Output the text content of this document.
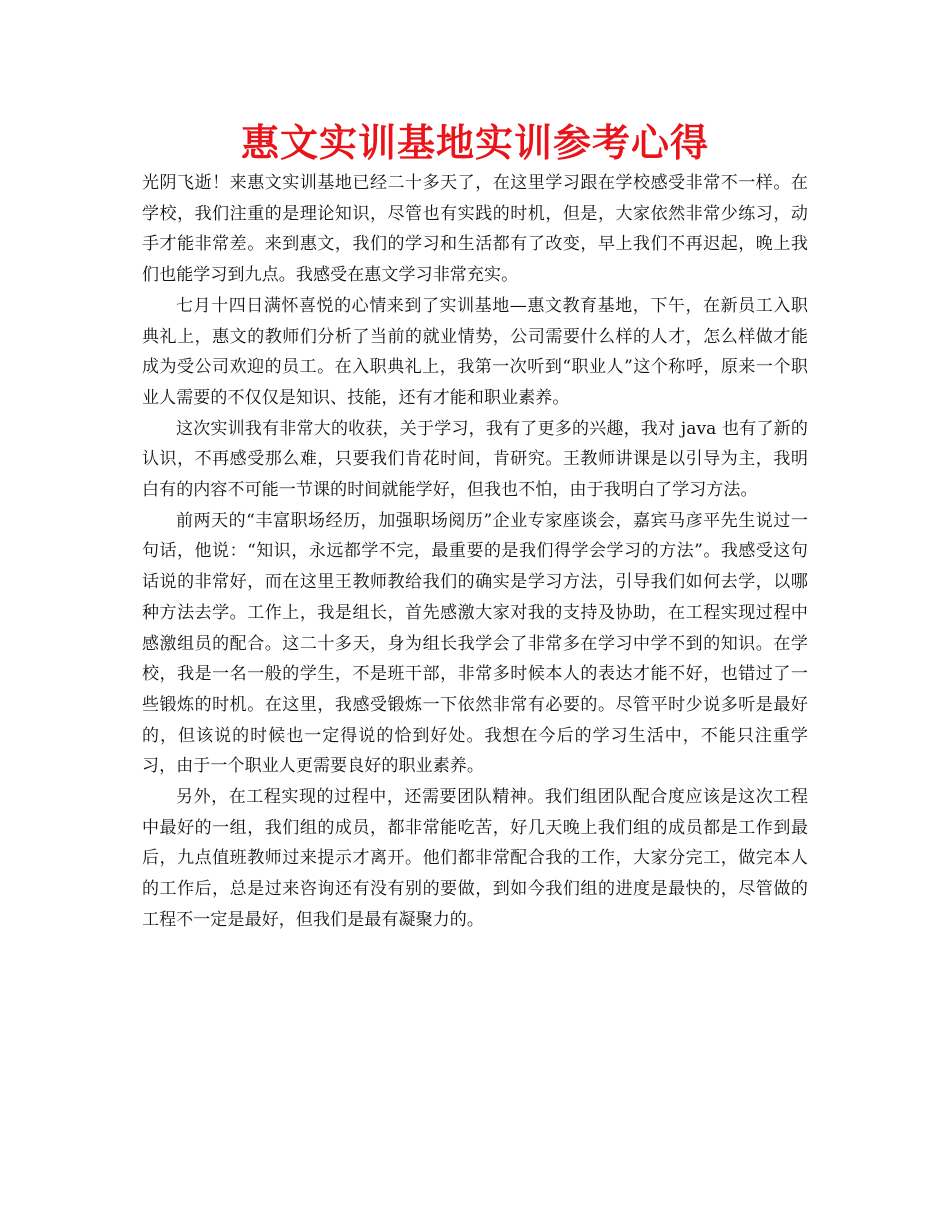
惠文实训基地实训参考心得

光阴飞逝！来惠文实训基地已经二十多天了，在这里学习跟在学校感受非常不一样。在学校，我们注重的是理论知识，尽管也有实践的时机，但是，大家依然非常少练习，动手才能非常差。来到惠文，我们的学习和生活都有了改变，早上我们不再迟起，晚上我们也能学习到九点。我感受在惠文学习非常充实。

七月十四日满怀喜悦的心情来到了实训基地—惠文教育基地，下午，在新员工入职典礼上，惠文的教师们分析了当前的就业情势，公司需要什么样的人才，怎么样做才能成为受公司欢迎的员工。在入职典礼上，我第一次听到“职业人”这个称呼，原来一个职业人需要的不仅仅是知识、技能，还有才能和职业素养。

这次实训我有非常大的收获，关于学习，我有了更多的兴趣，我对 java 也有了新的认识，不再感受那么难，只要我们肯花时间，肯研究。王教师讲课是以引导为主，我明白有的内容不可能一节课的时间就能学好，但我也不怕，由于我明白了学习方法。

前两天的“丰富职场经历，加强职场阅历”企业专家座谈会，嘉宾马彦平先生说过一句话，他说：“知识，永远都学不完，最重要的是我们得学会学习的方法”。我感受这句话说的非常好，而在这里王教师教给我们的确实是学习方法，引导我们如何去学，以哪种方法去学。工作上，我是组长，首先感激大家对我的支持及协助，在工程实现过程中感激组员的配合。这二十多天，身为组长我学会了非常多在学习中学不到的知识。在学校，我是一名一般的学生，不是班干部，非常多时候本人的表达才能不好，也错过了一些锻炼的时机。在这里，我感受锻炼一下依然非常有必要的。尽管平时少说多听是最好的，但该说的时候也一定得说的恰到好处。我想在今后的学习生活中，不能只注重学习，由于一个职业人更需要良好的职业素养。

另外，在工程实现的过程中，还需要团队精神。我们组团队配合度应该是这次工程中最好的一组，我们组的成员，都非常能吃苦，好几天晚上我们组的成员都是工作到最后，九点值班教师过来提示才离开。他们都非常配合我的工作，大家分完工，做完本人的工作后，总是过来咨询还有没有别的要做，到如今我们组的进度是最快的，尽管做的工程不一定是最好，但我们是最有凝聚力的。
